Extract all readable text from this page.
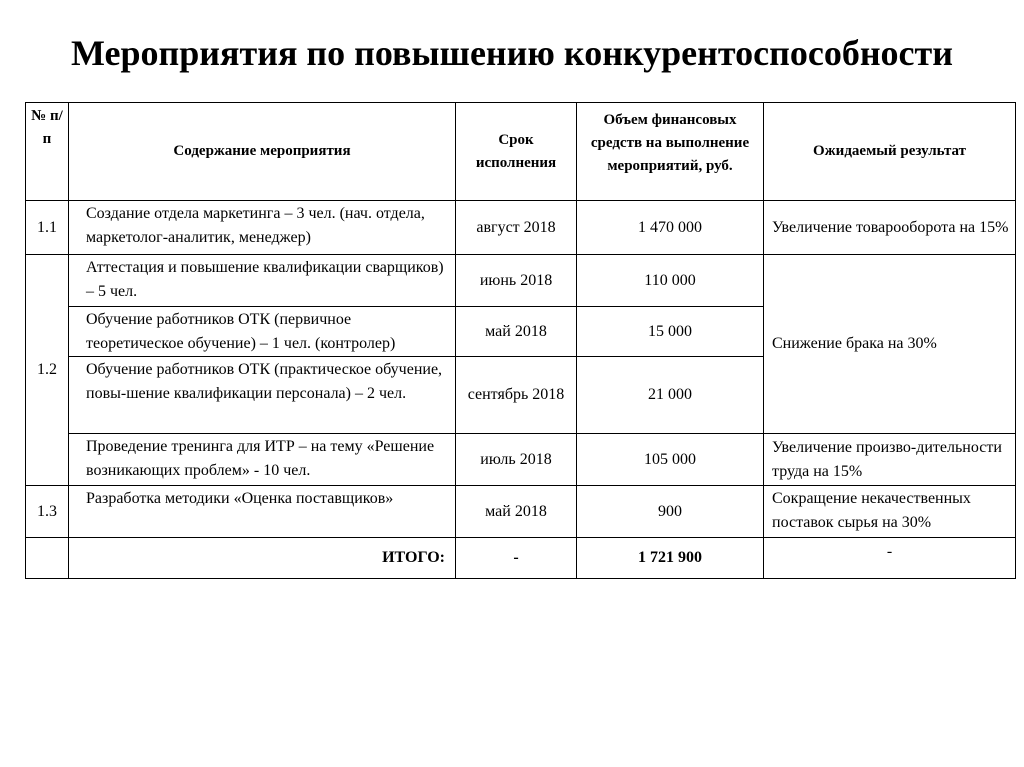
Мероприятия по повышению конкурентоспособности
№ п/п	Содержание мероприятия	Срок исполнения	Объем финансовых средств на выполнение мероприятий, руб.	Ожидаемый результат
1.1	Создание отдела маркетинга – 3 чел. (нач. отдела, маркетолог-аналитик, менеджер)	август 2018	1 470 000	Увеличение товарооборота на 15%
1.2	Аттестация и повышение квалификации сварщиков) – 5 чел.	июнь 2018	110 000	Снижение брака на 30%
	Обучение работников ОТК (первичное теоретическое обучение) – 1 чел. (контролер)	май 2018	15 000	
	Обучение работников ОТК (практическое обучение, повы-шение квалификации персонала) – 2 чел.	сентябрь 2018	21 000	
	Проведение тренинга для ИТР – на тему «Решение возникающих проблем» - 10 чел.	июль 2018	105 000	Увеличение произво-дительности труда на 15%
1.3	Разработка методики «Оценка поставщиков»	май 2018	900	Сокращение некачественных поставок сырья на 30%
	ИТОГО:	-	1 721 900	-
